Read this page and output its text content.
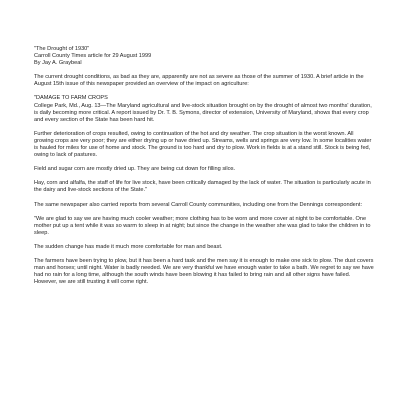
"The Drought of 1930"

Carroll County Times article for 29 August 1999

By Jay A. Graybeal

The current drought conditions, as bad as they are, apparently are not as severe as those of the summer of 1930. A brief article in the August 15th issue of this newspaper provided an overview of the impact on agriculture:

"DAMAGE TO FARM CROPS

College Park, Md., Aug. 13—The Maryland agricultural and live-stock situation brought on by the drought of almost two months' duration, is daily becoming more critical. A report issued by Dr. T. B. Symons, director of extension, University of Maryland, shows that every crop and every section of the State has been hard hit.

Further deterioration of crops resulted, owing to continuation of the hot and dry weather. The crop situation is the worst known. All growing crops are very poor; they are either drying up or have dried up. Streams, wells and springs are very low. In some localities water is hauled for miles for use of home and stock. The ground is too hard and dry to plow. Work in fields is at a stand still. Stock is being fed, owing to lack of pastures.

Field and sugar corn are mostly dried up. They are being cut down for filling silos.

Hay, corn and alfalfa, the staff of life for live stock, have been critically damaged by the lack of water. The situation is particularly acute in the dairy and live-stock sections of the State."

The same newspaper also carried reports from several Carroll County communities, including one from the Dennings correspondent:

"We are glad to say we are having much cooler weather; more clothing has to be worn and more cover at night to be comfortable. One mother put up a tent while it was so warm to sleep in at night; but since the change in the weather she was glad to take the children in to sleep.

The sudden change has made it much more comfortable for man and beast.

The farmers have been trying to plow, but it has been a hard task and the men say it is enough to make one sick to plow. The dust covers man and horses; until night. Water is badly needed. We are very thankful we have enough water to take a bath. We regret to say we have had no rain for a long time, although the south winds have been blowing it has failed to bring rain and all other signs have failed. However, we are still trusting it will come right.
